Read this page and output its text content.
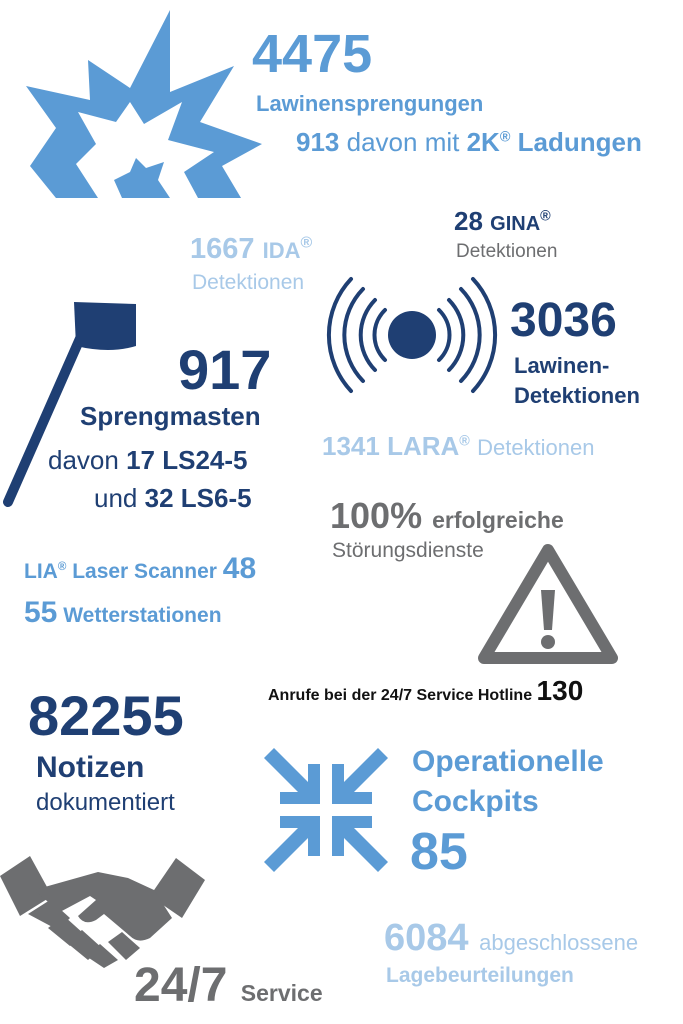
4475
Lawinensprengungen
913 davon mit 2K® Ladungen
28 GINA®
Detektionen
1667 IDA®
Detektionen
3036
Lawinen-
Detektionen
1341 LARA® Detektionen
917
Sprengmasten
davon 17 LS24-5
und 32 LS6-5 100% erfolgreiche
Störungsdienste
LIA® Laser Scanner 48
55 Wetterstationen
Anrufe bei der 24/7 Service Hotline 130
82255
Notizen
dokumentiert
Operationelle
Cockpits
85
6084 abgeschlossene
Lagebeurteilungen
24/7 Service
